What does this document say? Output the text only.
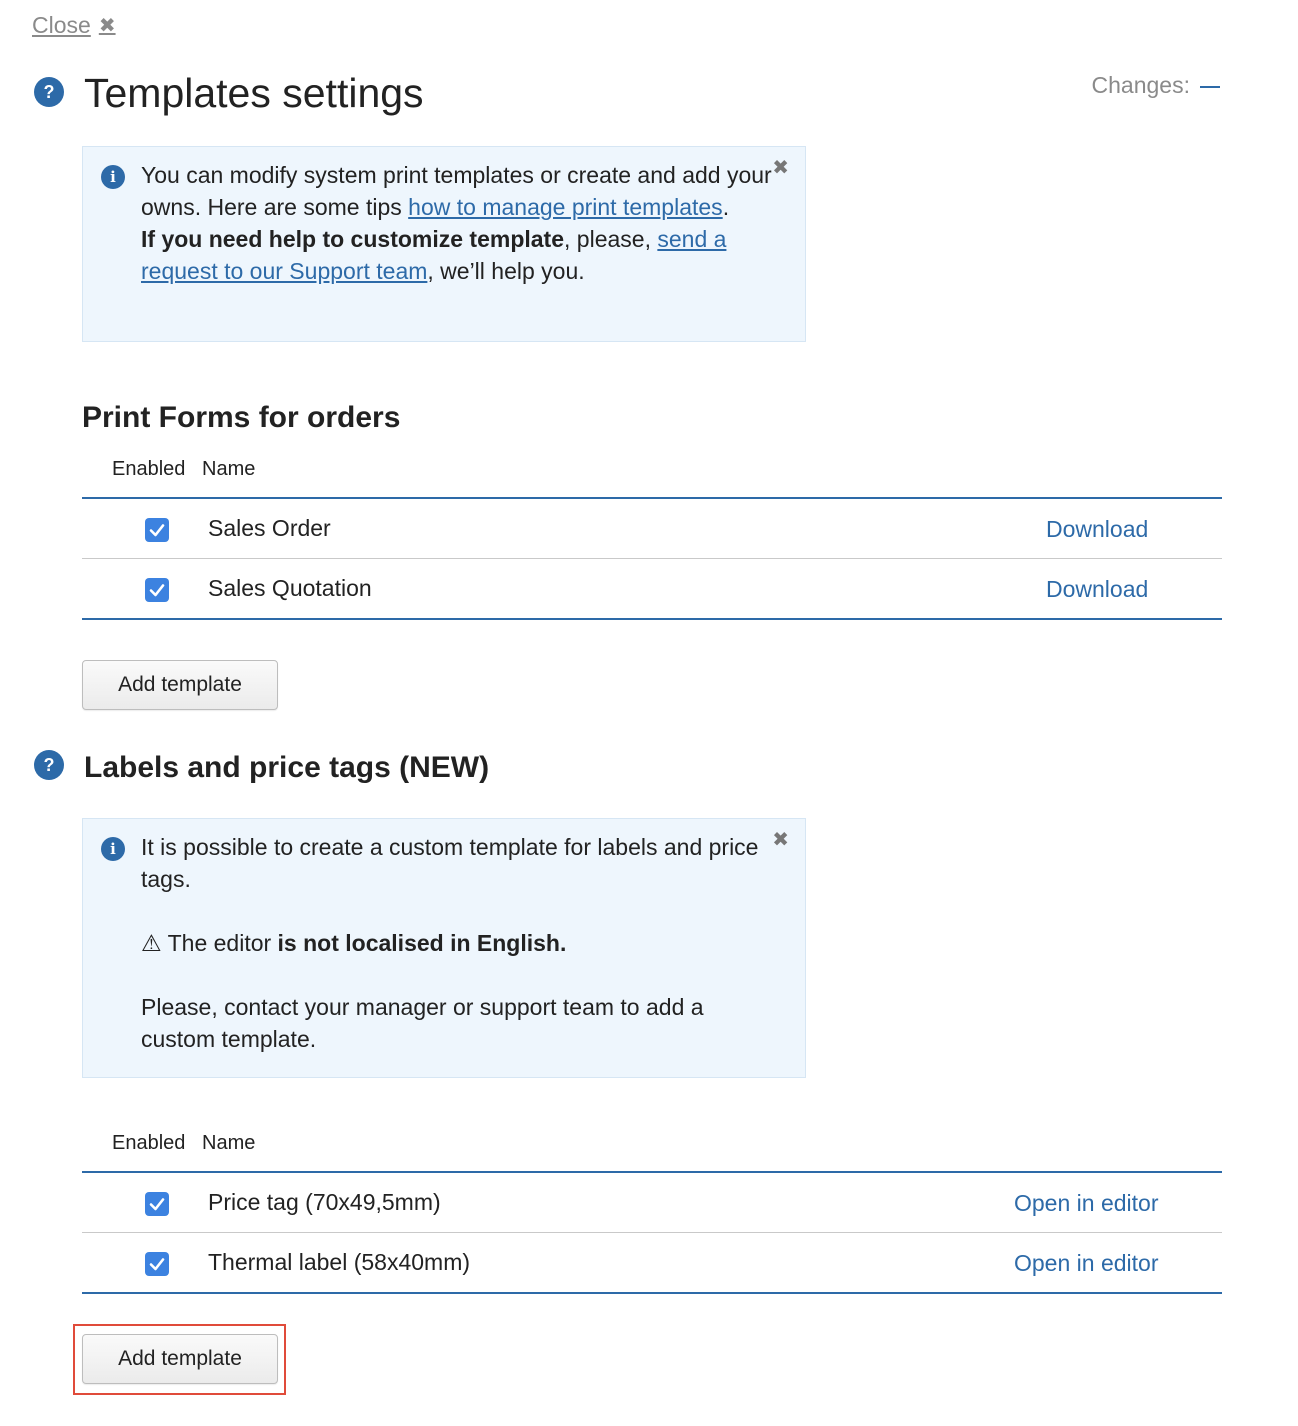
Close ✖
? Templates settings	Changes:
i	✖
You can modify system print templates or create and add your owns. Here are some tips how to manage print templates.
If you need help to customize template, please, send a request to our Support team, we’ll help you.
Print Forms for orders
Enabled Name
Sales Order	Download
Sales Quotation	Download
Add template
? Labels and price tags (NEW)
i	✖
It is possible to create a custom template for labels and price tags.
⚠ The editor is not localised in English.
Please, contact your manager or support team to add a custom template.
Enabled Name
Price tag (70x49,5mm)	Open in editor
Thermal label (58x40mm)	Open in editor
Add template
